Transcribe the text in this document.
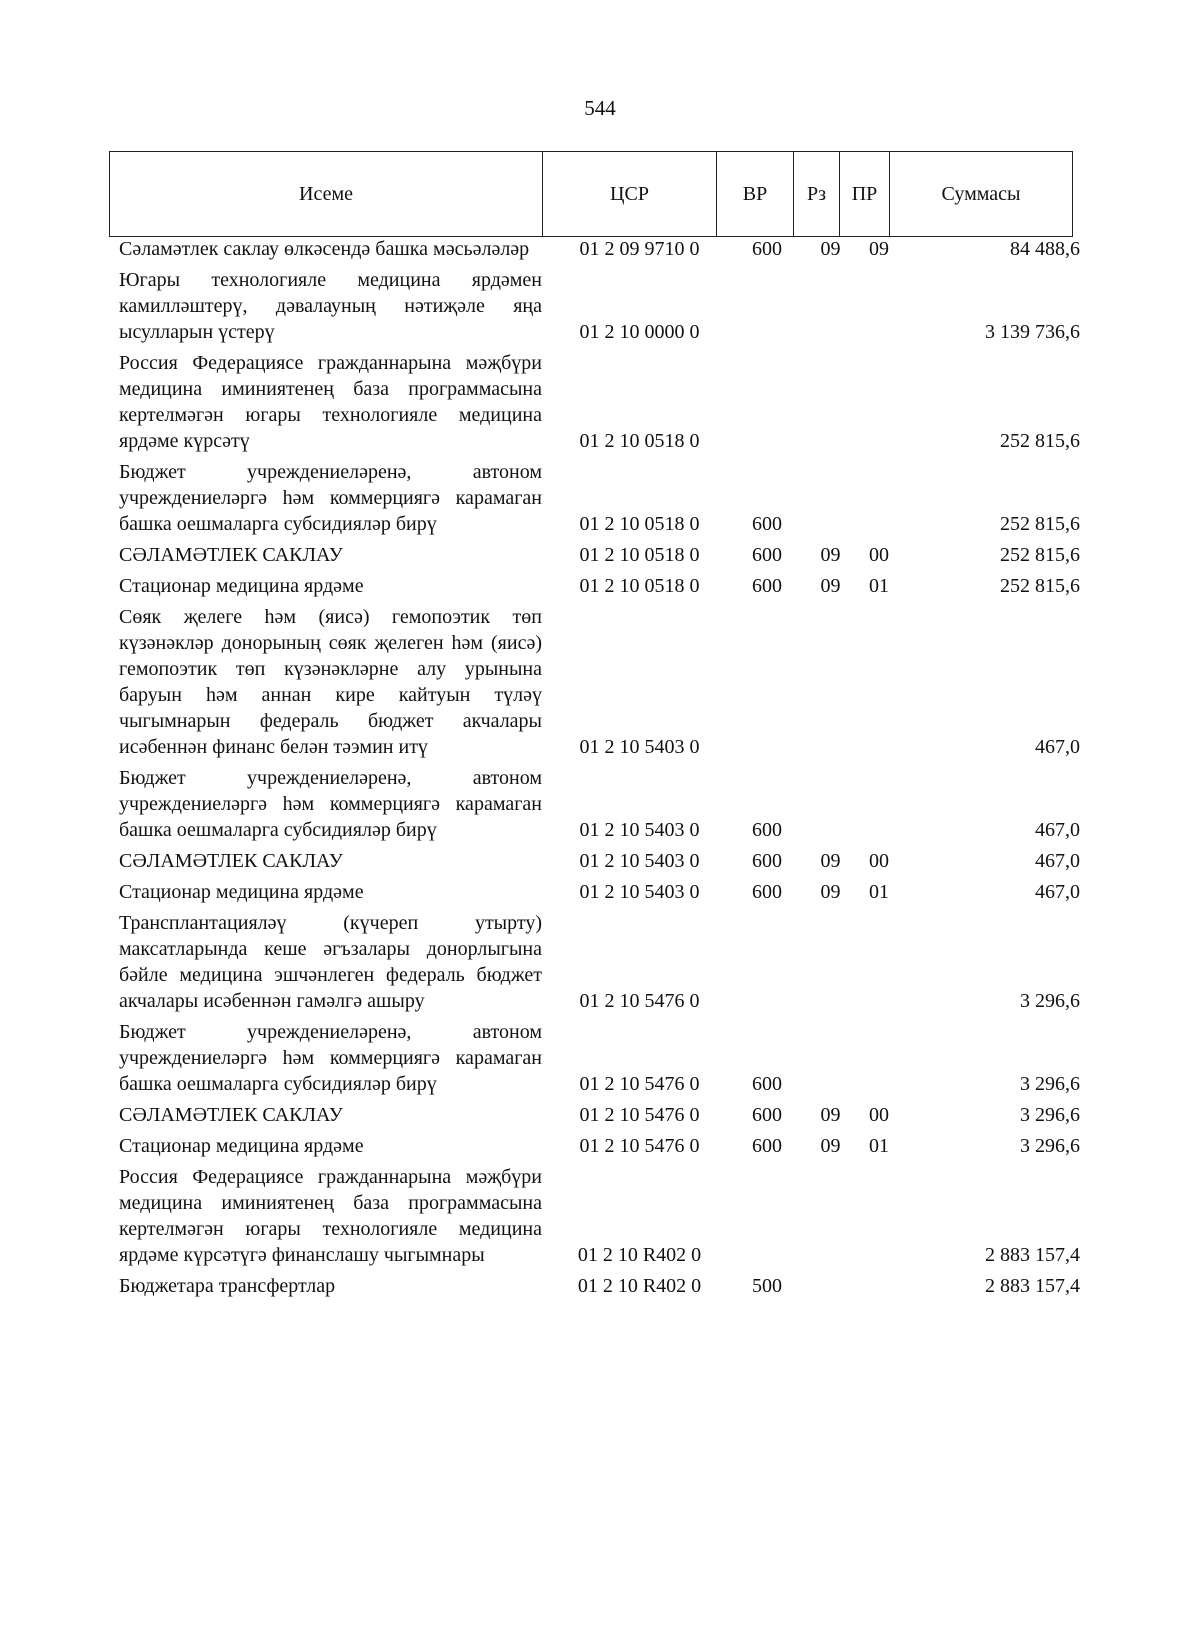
544
Исеме	ЦСР	ВР	Рз	ПР	Суммасы
Сәламәтлек саклау өлкәсендә башка мәсьәләләр	01 2 09 9710 0	600	09	09	84 488,6

Югары технологияле медицина ярдәмен камилләштерү, дәвалауның нәтиҗәле яңа ысулларын үстерү	01 2 10 0000 0				3 139 736,6

Россия Федерациясе гражданнарына мәҗбүри медицина иминиятенең база программасына кертелмәгән югары технологияле медицина ярдәме күрсәтү	01 2 10 0518 0				252 815,6

Бюджет учреждениеләренә, автоном учреждениеләргә һәм коммерциягә карамаган башка оешмаларга субсидияләр бирү	01 2 10 0518 0	600			252 815,6

СӘЛАМӘТЛЕК САКЛАУ	01 2 10 0518 0	600	09	00	252 815,6

Стационар медицина ярдәме	01 2 10 0518 0	600	09	01	252 815,6

Сөяк җелеге һәм (яисә) гемопоэтик төп күзәнәкләр донорының сөяк җелеген һәм (яисә) гемопоэтик төп күзәнәкләрне алу урынына баруын һәм аннан кире кайтуын түләү чыгымнарын федераль бюджет акчалары исәбеннән финанс белән тәэмин итү	01 2 10 5403 0				467,0

Бюджет учреждениеләренә, автоном учреждениеләргә һәм коммерциягә карамаган башка оешмаларга субсидияләр бирү	01 2 10 5403 0	600			467,0

СӘЛАМӘТЛЕК САКЛАУ	01 2 10 5403 0	600	09	00	467,0

Стационар медицина ярдәме	01 2 10 5403 0	600	09	01	467,0

Трансплантацияләү (күчереп утырту) максатларында кеше әгъзалары донорлыгына бәйле медицина эшчәнлеген федераль бюджет акчалары исәбеннән гамәлгә ашыру	01 2 10 5476 0				3 296,6

Бюджет учреждениеләренә, автоном учреждениеләргә һәм коммерциягә карамаган башка оешмаларга субсидияләр бирү	01 2 10 5476 0	600			3 296,6

СӘЛАМӘТЛЕК САКЛАУ	01 2 10 5476 0	600	09	00	3 296,6

Стационар медицина ярдәме	01 2 10 5476 0	600	09	01	3 296,6

Россия Федерациясе гражданнарына мәҗбүри медицина иминиятенең база программасына кертелмәгән югары технологияле медицина ярдәме күрсәтүгә финанслашу чыгымнары	01 2 10 R402 0				2 883 157,4

Бюджетара трансфертлар	01 2 10 R402 0	500			2 883 157,4
